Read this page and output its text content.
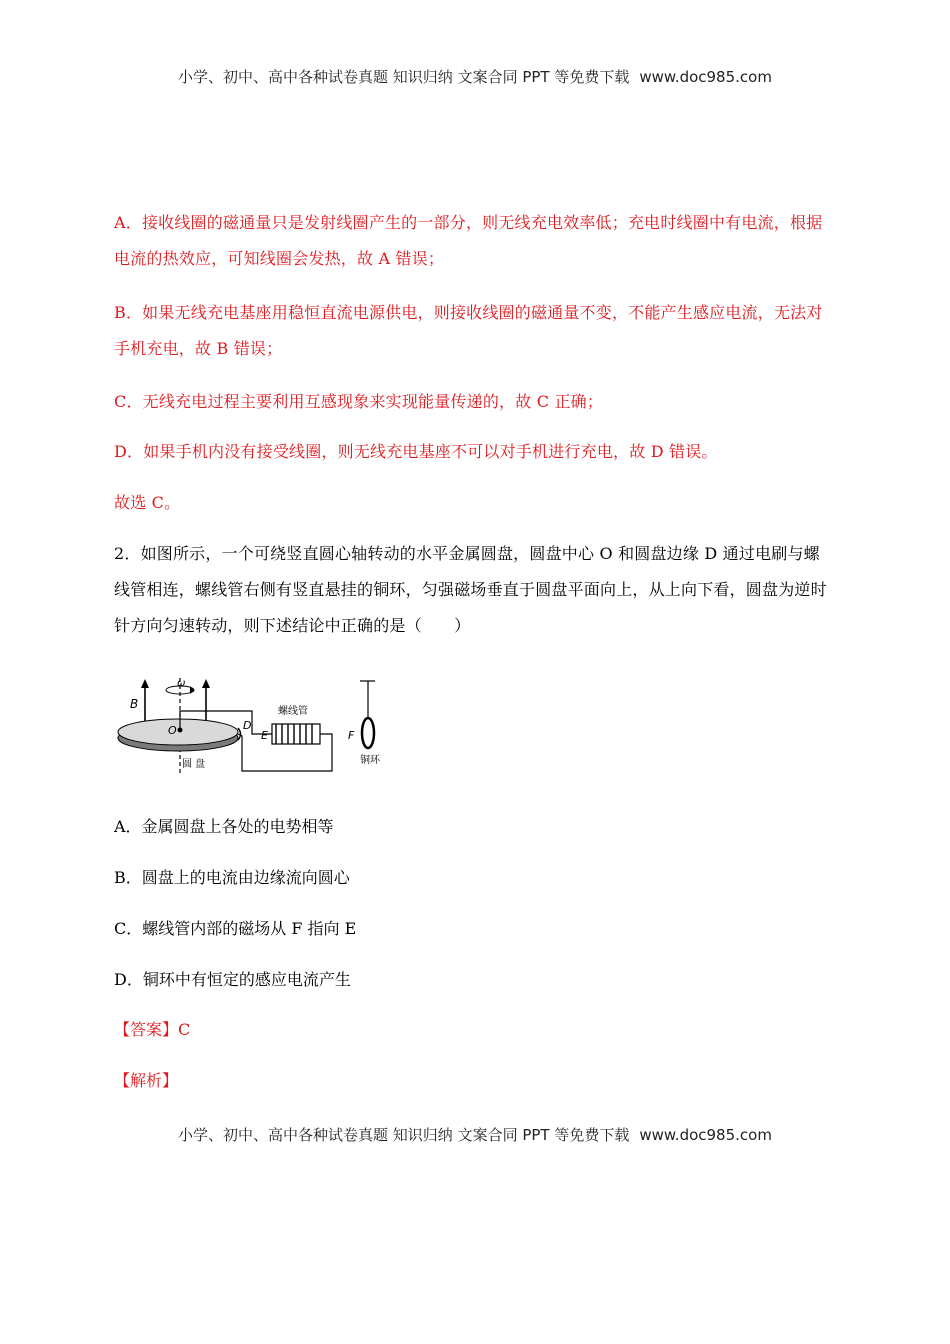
小学、初中、高中各种试卷真题 知识归纳 文案合同 PPT 等免费下载 www.doc985.com

A．接收线圈的磁通量只是发射线圈产生的一部分，则无线充电效率低；充电时线圈中有电流，根据电流的热效应，可知线圈会发热，故 A 错误；

B．如果无线充电基座用稳恒直流电源供电，则接收线圈的磁通量不变，不能产生感应电流，无法对手机充电，故 B 错误；

C．无线充电过程主要利用互感现象来实现能量传递的，故 C 正确；

D．如果手机内没有接受线圈，则无线充电基座不可以对手机进行充电，故 D 错误。

故选 C。

2．如图所示，一个可绕竖直圆心轴转动的水平金属圆盘，圆盘中心 O 和圆盘边缘 D 通过电刷与螺线管相连，螺线管右侧有竖直悬挂的铜环，匀强磁场垂直于圆盘平面向上，从上向下看，圆盘为逆时针方向匀速转动，则下述结论中正确的是（　　）

B
ω
O	D
圆 盘
E	F
螺线管
铜环
A．金属圆盘上各处的电势相等
B．圆盘上的电流由边缘流向圆心
C．螺线管内部的磁场从 F 指向 E
D．铜环中有恒定的感应电流产生
【答案】C
【解析】
小学、初中、高中各种试卷真题 知识归纳 文案合同 PPT 等免费下载 www.doc985.com
